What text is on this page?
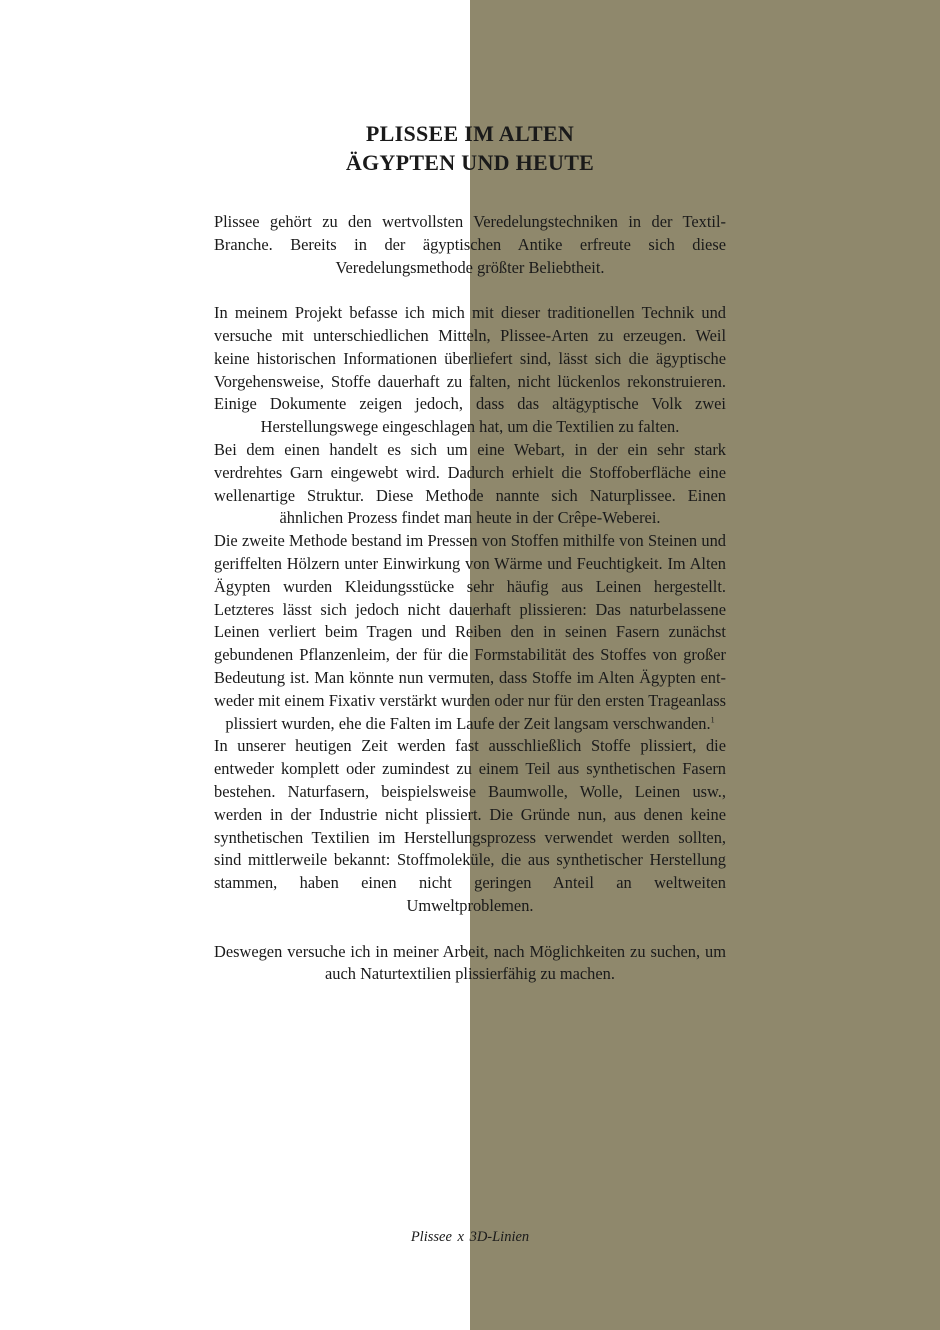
PLISSEE IM ALTEN
ÄGYPTEN UND HEUTE

Plissee gehört zu den wertvollsten Veredelungstechniken in der Textil-Branche. Bereits in der ägyptischen Antike erfreute sich diese Veredelungsmethode größter Beliebtheit.

In meinem Projekt befasse ich mich mit dieser traditionellen Technik und versuche mit unterschiedlichen Mitteln, Plissee-Arten zu erzeugen. Weil keine historischen Informationen überliefert sind, lässt sich die ägyptische Vorgehensweise, Stoffe dauerhaft zu falten, nicht lückenlos rekonstruieren. Einige Dokumente zeigen jedoch, dass das altägyptische Volk zwei Herstellungswege eingeschlagen hat, um die Textilien zu falten.

Bei dem einen handelt es sich um eine Webart, in der ein sehr stark verdrehtes Garn eingewebt wird. Dadurch erhielt die Stoffoberfläche eine wellenartige Struktur. Diese Methode nannte sich Naturplissee. Einen ähnlichen Prozess findet man heute in der Crêpe-Weberei.

Die zweite Methode bestand im Pressen von Stoffen mithilfe von Steinen und geriffelten Hölzern unter Einwirkung von Wärme und Feuchtigkeit. Im Alten Ägypten wurden Kleidungsstücke sehr häufig aus Leinen hergestellt. Letzteres lässt sich jedoch nicht dauerhaft plissieren: Das naturbelassene Leinen verliert beim Tragen und Reiben den in seinen Fasern zunächst gebundenen Pflanzenleim, der für die Formstabilität des Stoffes von großer Bedeutung ist. Man könnte nun vermuten, dass Stoffe im Alten Ägypten entweder mit einem Fixativ verstärkt wurden oder nur für den ersten Trageanlass plissiert wurden, ehe die Falten im Laufe der Zeit langsam verschwanden.$^1$

In unserer heutigen Zeit werden fast ausschließlich Stoffe plissiert, die entweder komplett oder zumindest zu einem Teil aus synthetischen Fasern bestehen. Naturfasern, beispielsweise Baumwolle, Wolle, Leinen usw., werden in der Industrie nicht plissiert. Die Gründe nun, aus denen keine synthetischen Textilien im Herstellungsprozess verwendet werden sollten, sind mittlerweile bekannt: Stoffmoleküle, die aus synthetischer Herstellung stammen, haben einen nicht geringen Anteil an weltweiten Umweltproblemen.

Deswegen versuche ich in meiner Arbeit, nach Möglichkeiten zu suchen, um auch Naturtextilien plissierfähig zu machen.

Plissee x 3D-Linien
